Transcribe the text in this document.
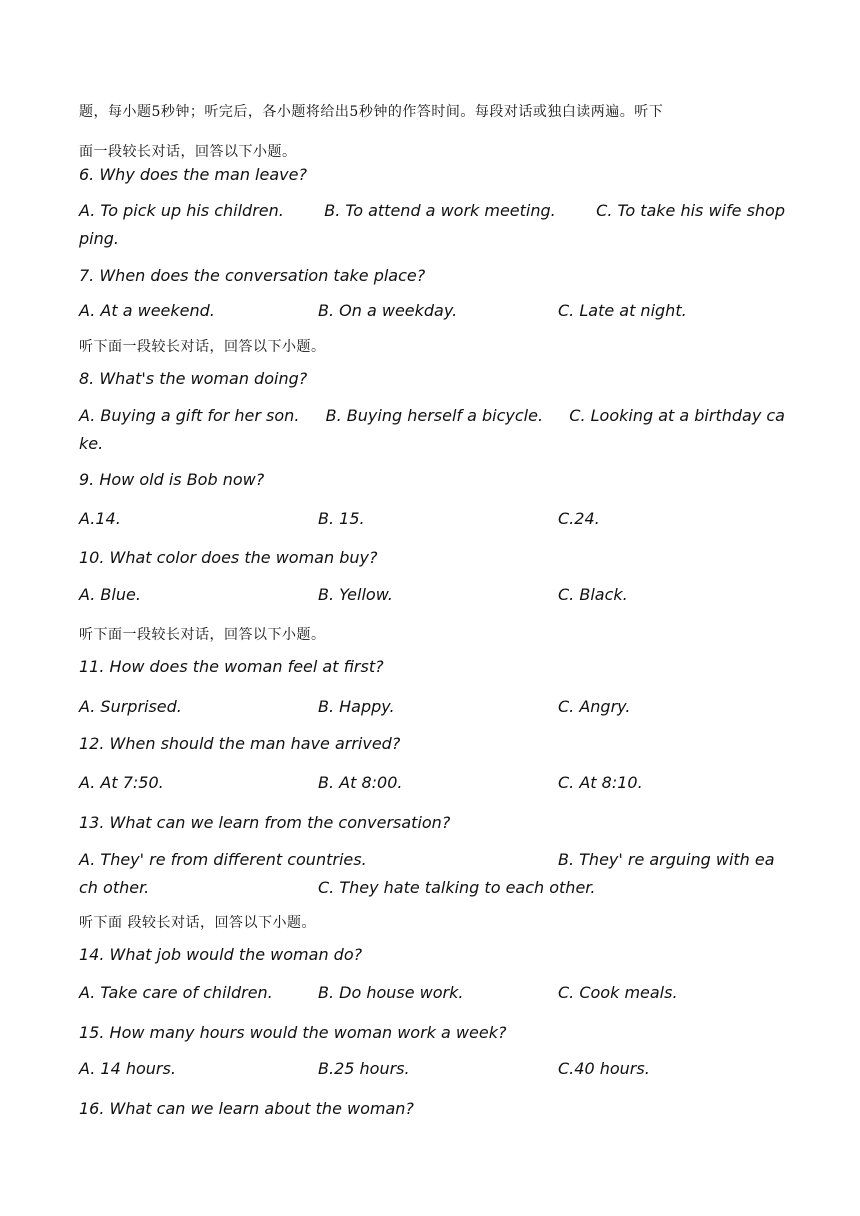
题，每小题5秒钟；听完后，各小题将给出5秒钟的作答时间。每段对话或独白读两遍。听下
面一段较长对话，回答以下小题。
6. Why does the man leave?
A. To pick up his children.	B. To attend a work meeting.	C. To take his wife shop
ping.
7. When does the conversation take place?
A. At a weekend.	B. On a weekday.	C. Late at night.
听下面一段较长对话，回答以下小题。
8. What's the woman doing?
A. Buying a gift for her son. B. Buying herself a bicycle. C. Looking at a birthday ca
ke.
9. How old is Bob now?
A.14.	B. 15.	C.24.
10. What color does the woman buy?
A. Blue.	B. Yellow.	C. Black.
听下面一段较长对话，回答以下小题。
11. How does the woman feel at first?
A. Surprised.	B. Happy.	C. Angry.
12. When should the man have arrived?
A. At 7:50.	B. At 8:00.	C. At 8:10.
13. What can we learn from the conversation?
A. They' re from different countries.	B. They' re arguing with ea
ch other.	C. They hate talking to each other.
听下面 段较长对话，回答以下小题。
14. What job would the woman do?
A. Take care of children.	B. Do house work.	C. Cook meals.
15. How many hours would the woman work a week?
A. 14 hours.	B.25 hours.	C.40 hours.
16. What can we learn about the woman?
